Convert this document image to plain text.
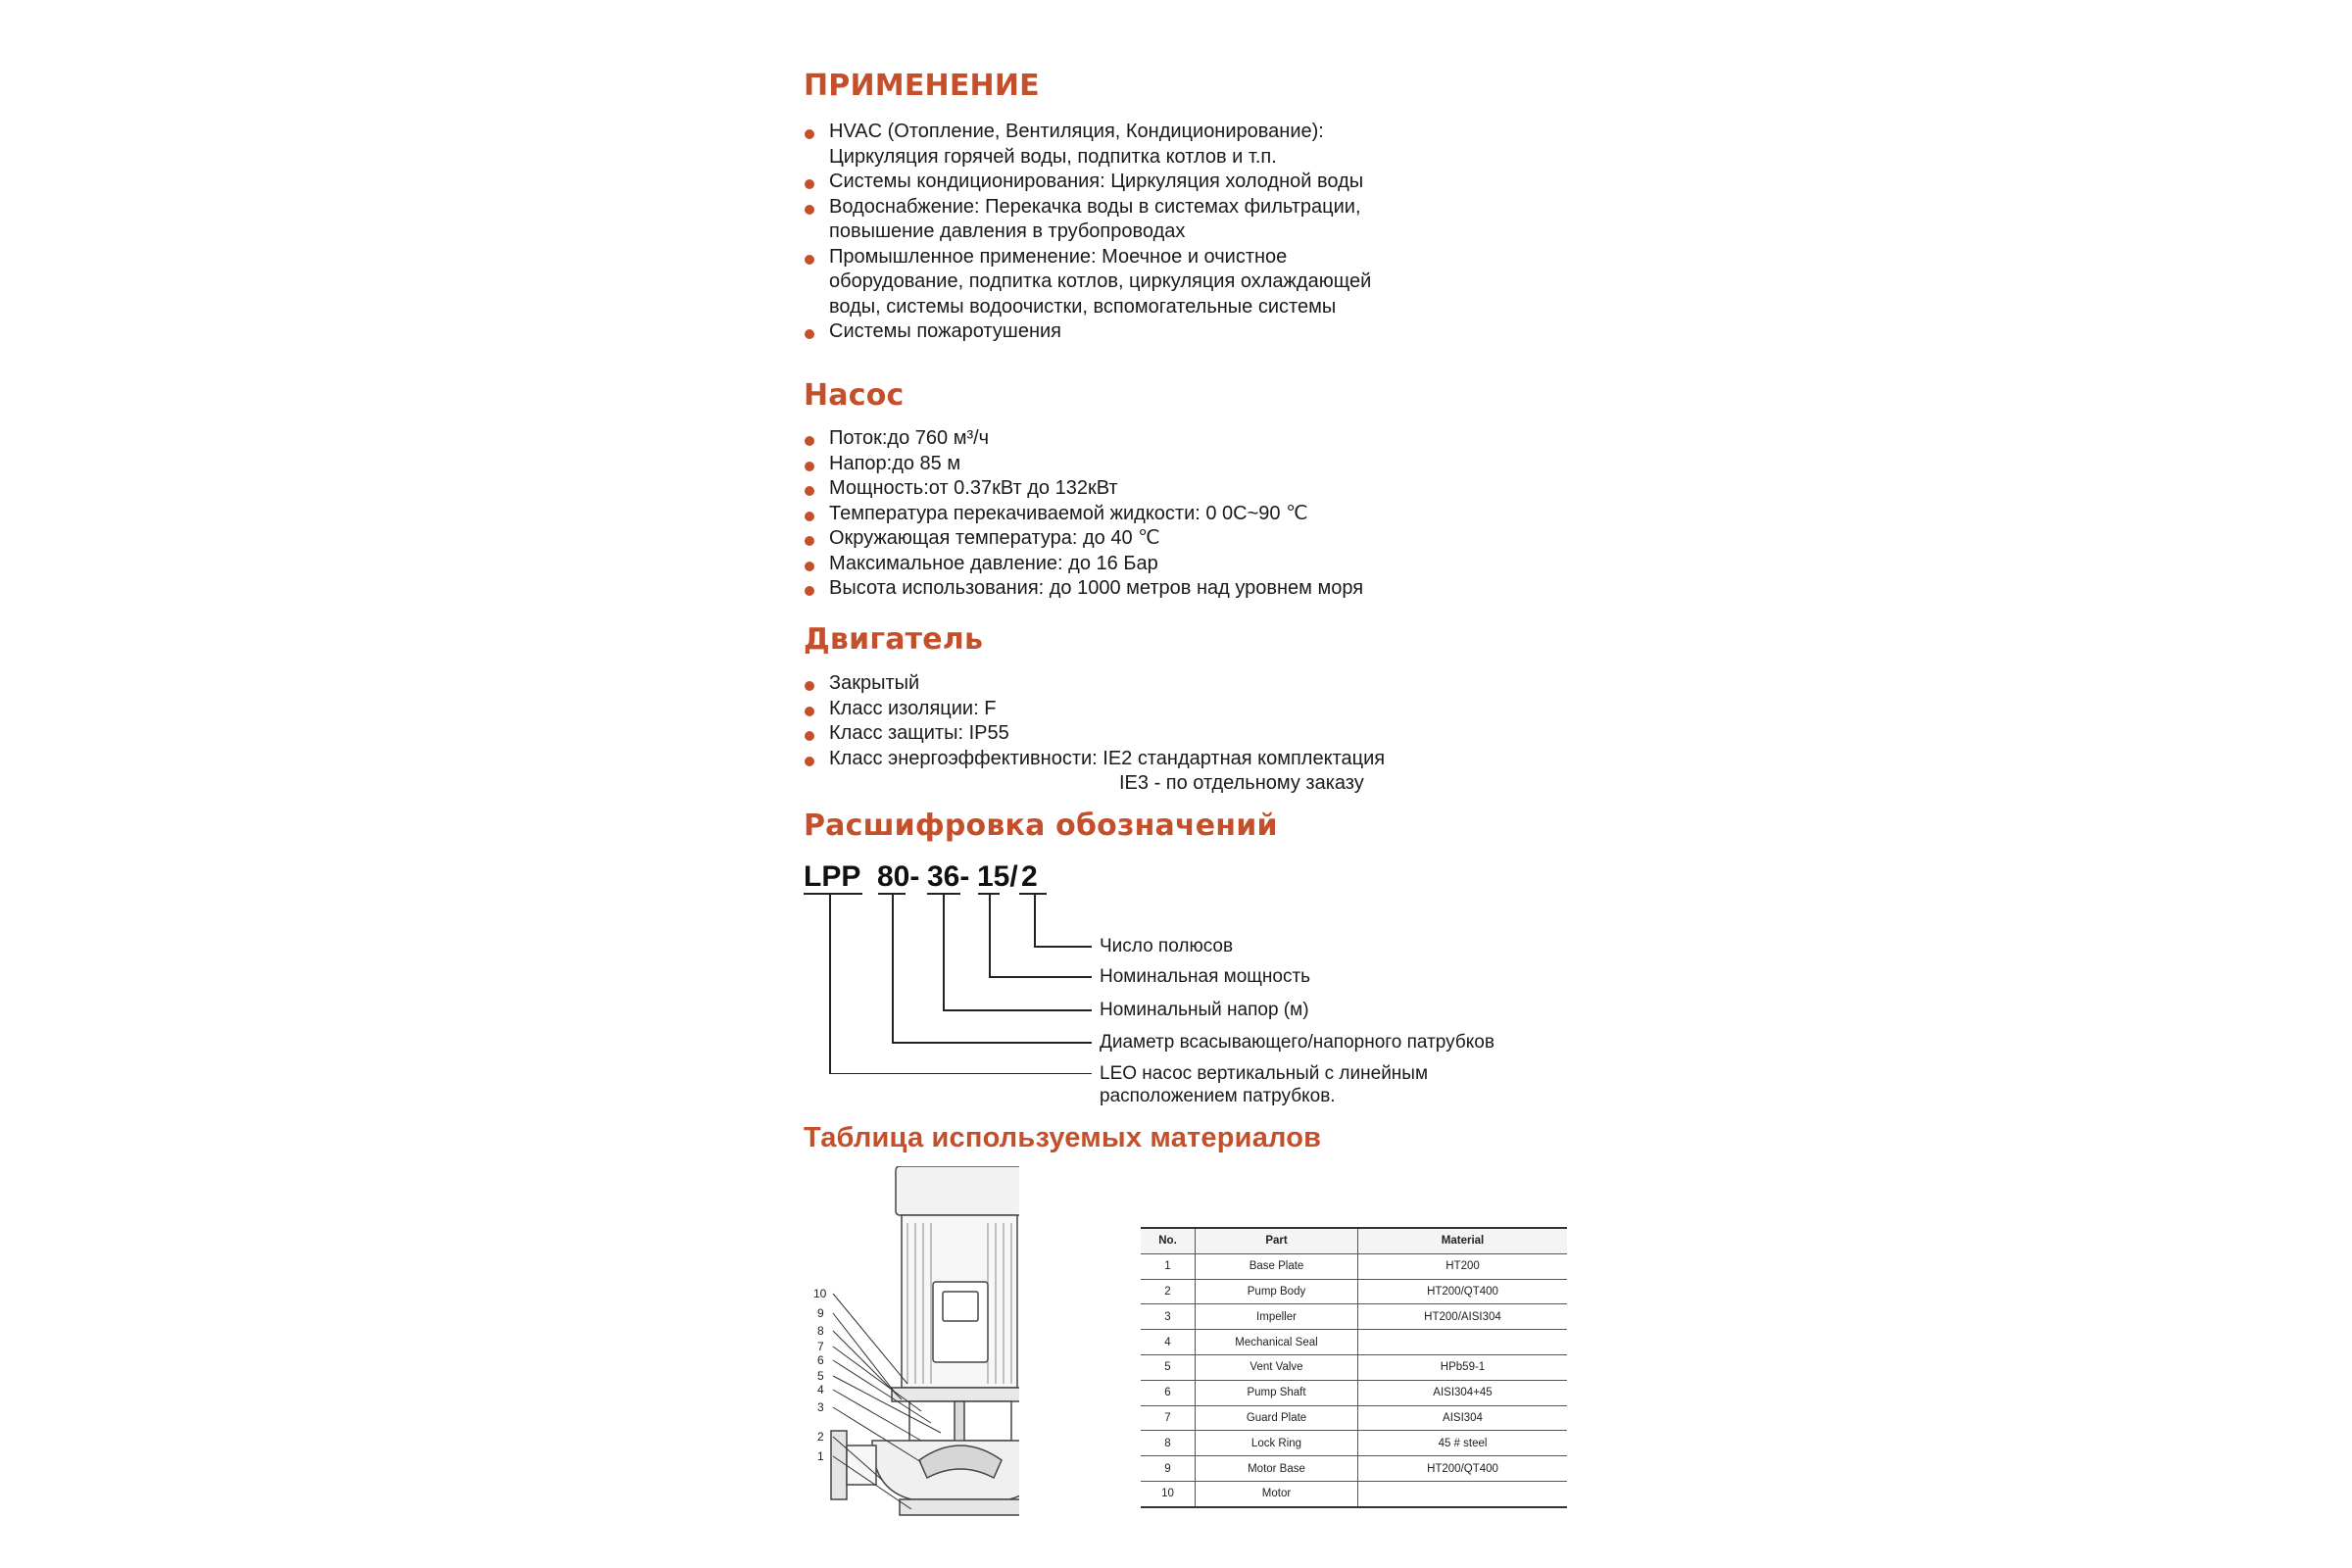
ПРИМЕНЕНИЕ
HVAC (Отопление, Вентиляция, Кондиционирование):
Циркуляция горячей воды, подпитка котлов и т.п.
Системы кондиционирования: Циркуляция холодной воды
Водоснабжение: Перекачка воды в системах фильтрации,
повышение давления в трубопроводах
Промышленное применение: Моечное и очистное
оборудование, подпитка котлов, циркуляция охлаждающей
воды, системы водоочистки, вспомогательные системы
Системы пожаротушения
Насос
Поток:до 760 м³/ч
Напор:до 85 м
Мощность:от 0.37кВт до 132кВт
Температура перекачиваемой жидкости: 0 0C~90 ℃
Окружающая температура: до 40 ℃
Максимальное давление: до 16 Бар
Высота использования: до 1000 метров над уровнем моря
Двигатель
Закрытый
Класс изоляции: F
Класс защиты: IP55
Класс энергоэффективности: IE2 стандартная комплектация
IE3 - по отдельному заказу
Расшифровка обозначений
LPP 80- 36- 15/ 2
Число полюсов
Номинальная мощность
Номинальный напор (м)
Диаметр всасывающего/напорного патрубков
LEO насос вертикальный с линейным
расположением патрубков.
Таблица используемых материалов
10
9
8
7
6
5
4
3
2
1
No.	Part	Material
1	Base Plate	HT200
2	Pump Body	HT200/QT400
3	Impeller	HT200/AISI304
4	Mechanical Seal	
5	Vent Valve	HPb59-1
6	Pump Shaft	AISI304+45
7	Guard Plate	AISI304
8	Lock Ring	45 # steel
9	Motor Base	HT200/QT400
10	Motor	
